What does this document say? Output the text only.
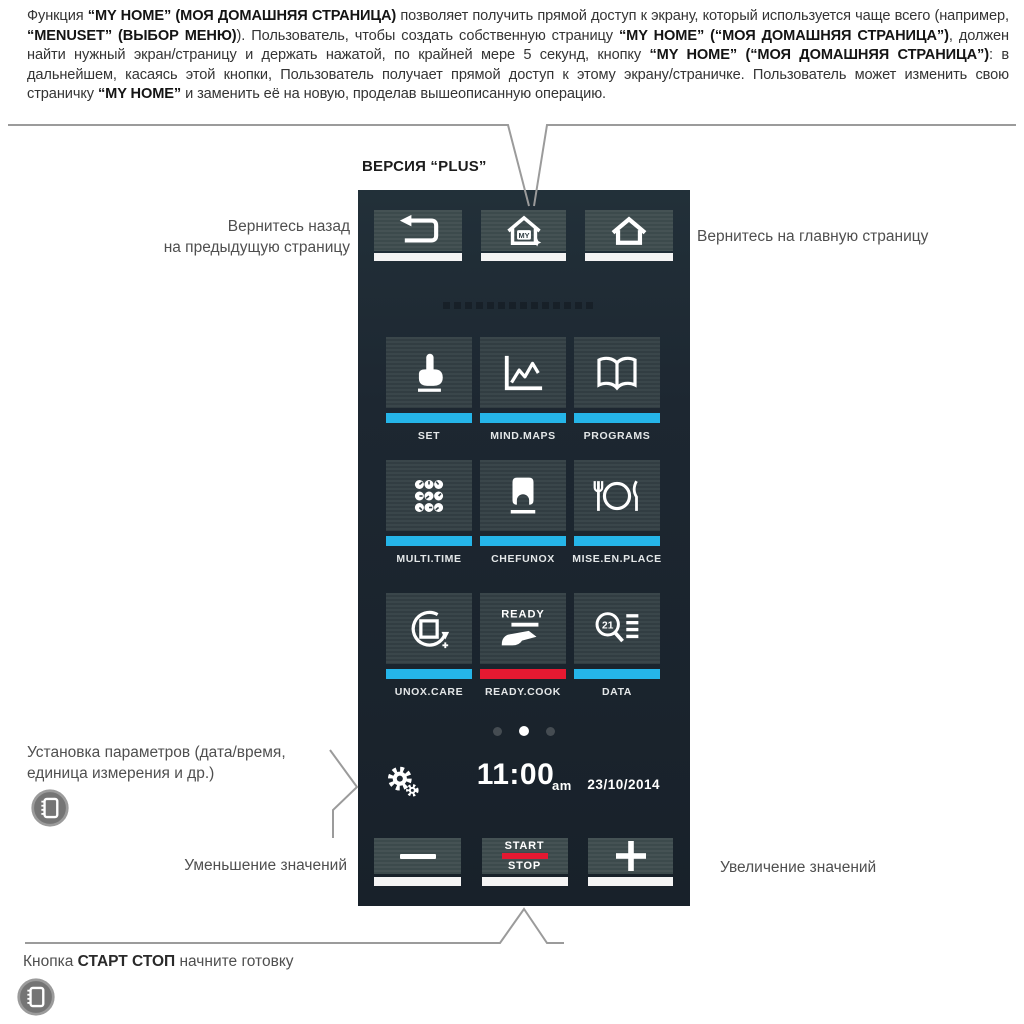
Функция “MY HOME” (МОЯ ДОМАШНЯЯ СТРАНИЦА) позволяет получить прямой доступ к экрану, который используется чаще всего (например, “MENUSET” (ВЫБОР МЕНЮ)). Пользователь, чтобы создать собственную страницу “MY HOME” (“МОЯ ДОМАШНЯЯ СТРАНИЦА”), должен найти нужный экран/страницу и держать нажатой, по крайней мере 5 секунд, кнопку “MY HOME” (“МОЯ ДОМАШНЯЯ СТРАНИЦА”): в дальнейшем, касаясь этой кнопки, Пользователь получает прямой доступ к этому экрану/страничке. Пользователь может изменить свою страничку “MY HOME” и заменить её на новую, проделав вышеописанную операцию.
ВЕРСИЯ “PLUS”
Вернитесь назад
на предыдущую страницу
Вернитесь на главную страницу
Установка параметров (дата/время,
единица измерения и др.)
Уменьшение значений	Увеличение значений
Кнопка СТАРТ СТОП начните готовку
MY
SET	MIND.MAPS	PROGRAMS
MULTI.TIME	CHEFUNOX MISE.EN.PLACE
UNOX.CARE
READY
READY.COOK
21
DATA
11:00
am 23/10/2014
START
STOP
